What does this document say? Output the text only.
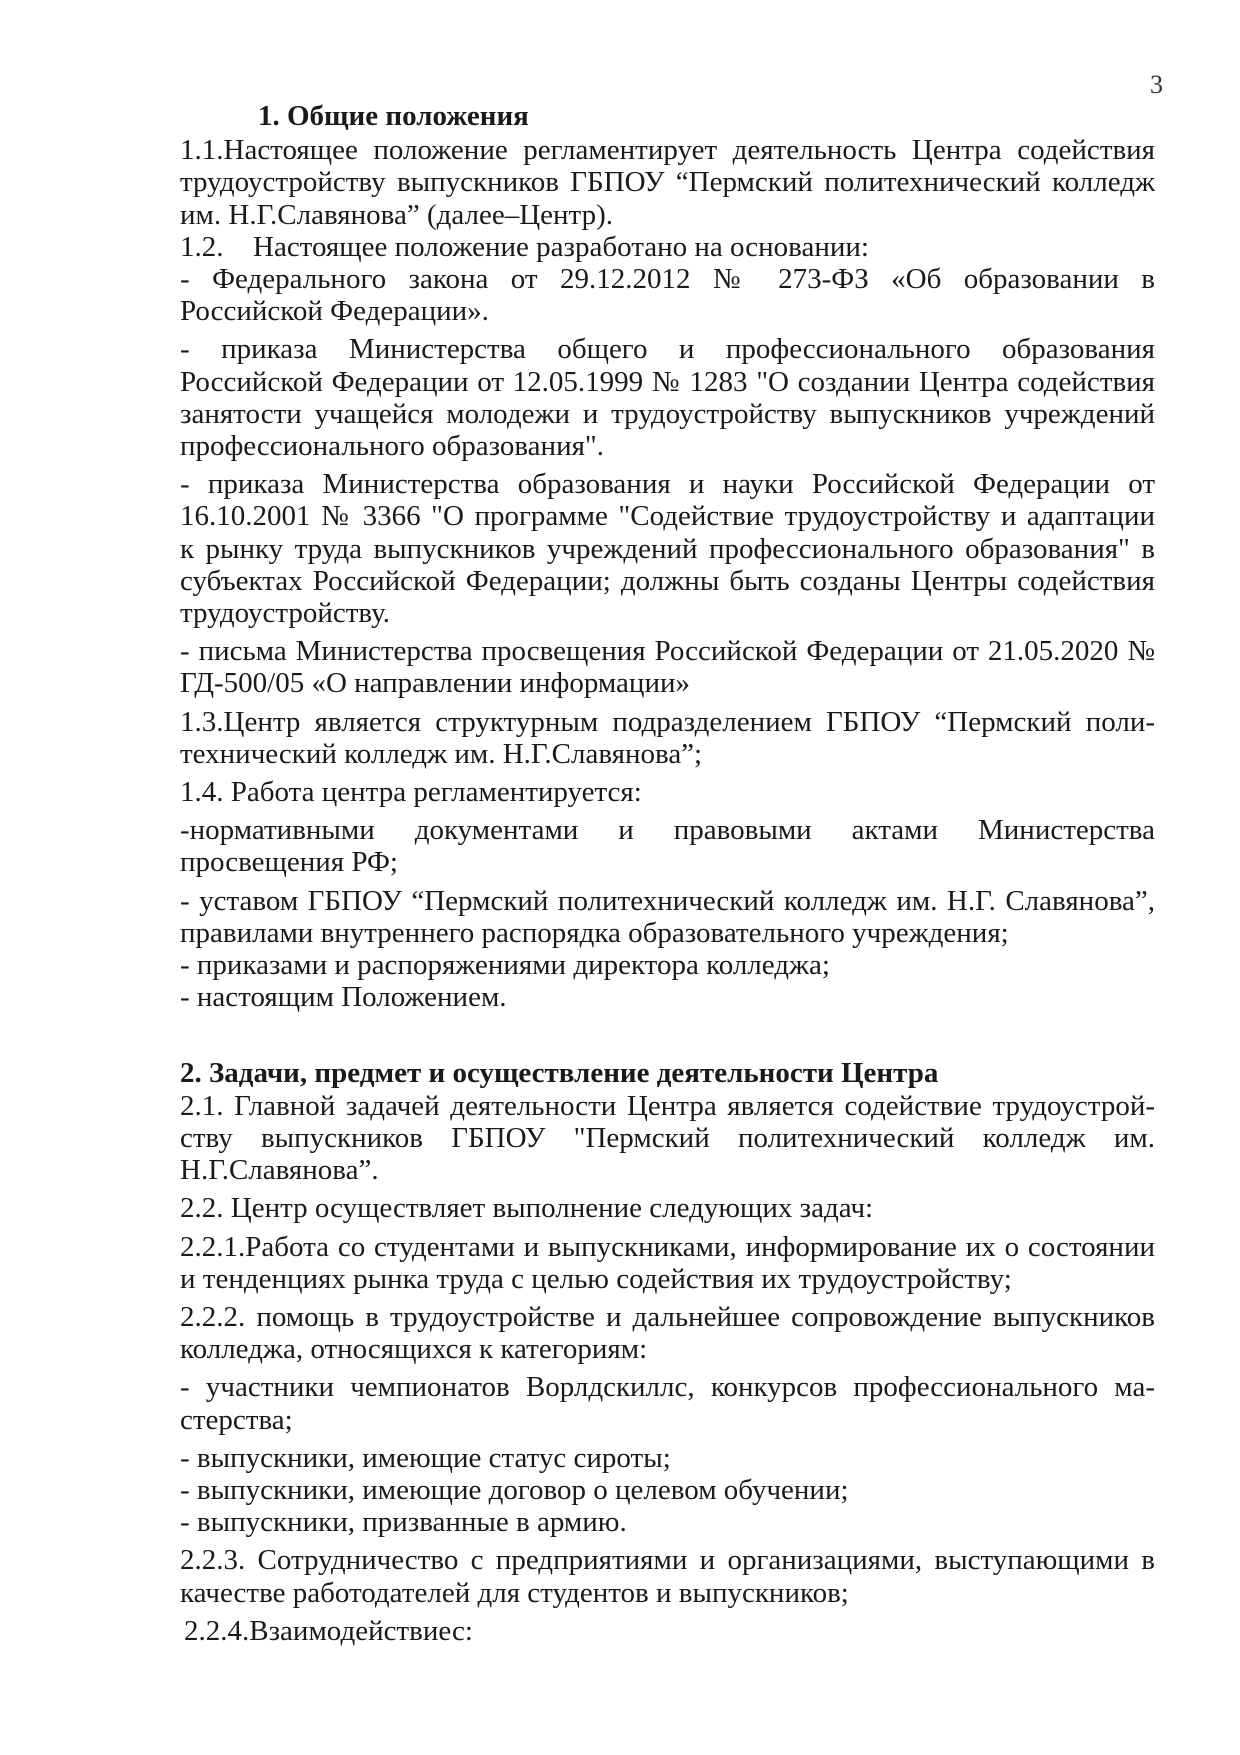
3

1. Общие положения

1.1.Настоящее положение регламентирует деятельность Центра содействия

трудоустройству выпускников ГБПОУ “Пермский политехнический колледж

им. Н.Г.Славянова” (далее–Центр).

1.2. Настоящее положение разработано на основании:

- Федерального закона от 29.12.2012 № 273-ФЗ «Об образовании в

Российской Федерации».

- приказа Министерства общего и профессионального образования

Российской Федерации от 12.05.1999 № 1283 "О создании Центра содействия

занятости учащейся молодежи и трудоустройству выпускников учреждений

профессионального образования".

- приказа Министерства образования и науки Российской Федерации от

16.10.2001 № 3366 "О программе "Содействие трудоустройству и адаптации

к рынку труда выпускников учреждений профессионального образования" в

субъектах Российской Федерации; должны быть созданы Центры содействия

трудоустройству.

- письма Министерства просвещения Российской Федерации от 21.05.2020 №

ГД-500/05 «О направлении информации»

1.3.Центр является структурным подразделением ГБПОУ “Пермский поли-

технический колледж им. Н.Г.Славянова”;

1.4. Работа центра регламентируется:

-нормативными документами и правовыми актами Министерства

просвещения РФ;

- уставом ГБПОУ “Пермский политехнический колледж им. Н.Г. Славянова”,

правилами внутреннего распорядка образовательного учреждения;

- приказами и распоряжениями директора колледжа;

- настоящим Положением.

2. Задачи, предмет и осуществление деятельности Центра

2.1. Главной задачей деятельности Центра является содействие трудоустрой-

ству выпускников ГБПОУ "Пермский политехнический колледж им.

Н.Г.Славянова”.

2.2. Центр осуществляет выполнение следующих задач:

2.2.1.Работа со студентами и выпускниками, информирование их о состоянии

и тенденциях рынка труда с целью содействия их трудоустройству;

2.2.2. помощь в трудоустройстве и дальнейшее сопровождение выпускников

колледжа, относящихся к категориям:

- участники чемпионатов Ворлдскиллс, конкурсов профессионального ма-

стерства;

- выпускники, имеющие статус сироты;

- выпускники, имеющие договор о целевом обучении;

- выпускники, призванные в армию.

2.2.3. Сотрудничество с предприятиями и организациями, выступающими в

качестве работодателей для студентов и выпускников;

2.2.4.Взаимодействиес:
